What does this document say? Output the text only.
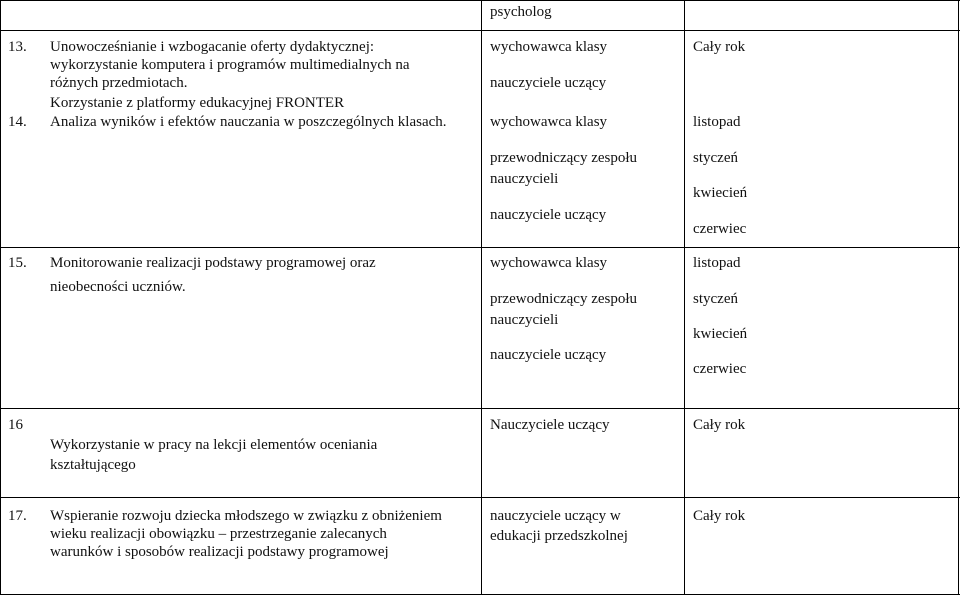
psycholog
13. Unowocześnianie i wzbogacanie oferty dydaktycznej:
wykorzystanie komputera i programów multimedialnych na
różnych przedmiotach.
Korzystanie z platformy edukacyjnej FRONTER
wychowawca klasy
nauczyciele uczący
Cały rok
14. Analiza wyników i efektów nauczania w poszczególnych klasach.	wychowawca klasy
przewodniczący zespołu
nauczycieli
nauczyciele uczący
listopad
styczeń
kwiecień
czerwiec
15. Monitorowanie realizacji podstawy programowej oraz
nieobecności uczniów.
wychowawca klasy
przewodniczący zespołu
nauczycieli
nauczyciele uczący
listopad
styczeń
kwiecień
czerwiec
16
Wykorzystanie w pracy na lekcji elementów oceniania
kształtującego
Nauczyciele uczący	Cały rok
17. Wspieranie rozwoju dziecka młodszego w związku z obniżeniem
wieku realizacji obowiązku – przestrzeganie zalecanych
warunków i sposobów realizacji podstawy programowej
nauczyciele uczący w
edukacji przedszkolnej
Cały rok
